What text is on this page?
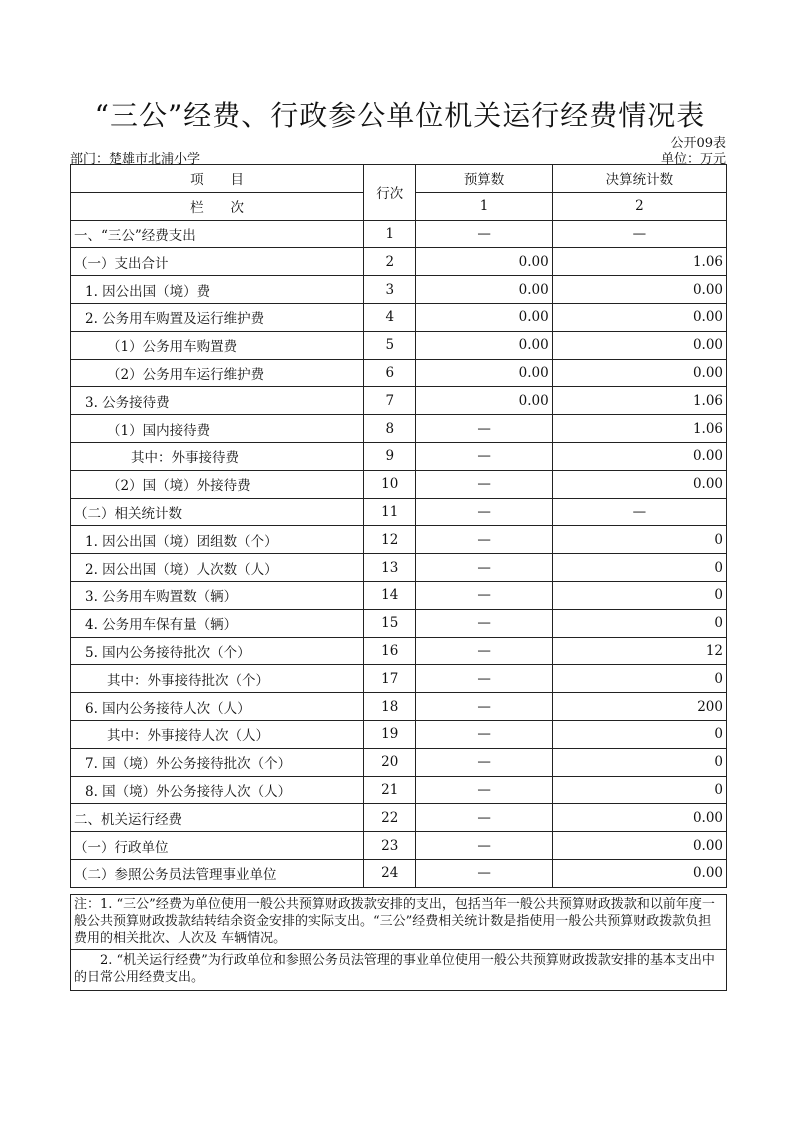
“三公”经费、行政参公单位机关运行经费情况表
公开09表
部门：楚雄市北浦小学	单位：万元
项　　目	行次	预算数	决算统计数
栏　　次		1	2
一、“三公”经费支出	1	—	—
（一）支出合计	2	0.00	1.06
1. 因公出国（境）费	3	0.00	0.00
2. 公务用车购置及运行维护费	4	0.00	0.00
（1）公务用车购置费	5	0.00	0.00
（2）公务用车运行维护费	6	0.00	0.00
3. 公务接待费	7	0.00	1.06
（1）国内接待费	8	—	1.06
其中：外事接待费	9	—	0.00
（2）国（境）外接待费	10	—	0.00
（二）相关统计数	11	—	—
1. 因公出国（境）团组数（个）	12	—	0
2. 因公出国（境）人次数（人）	13	—	0
3. 公务用车购置数（辆）	14	—	0
4. 公务用车保有量（辆）	15	—	0
5. 国内公务接待批次（个）	16	—	12
其中：外事接待批次（个）	17	—	0
6. 国内公务接待人次（人）	18	—	200
其中：外事接待人次（人）	19	—	0
7. 国（境）外公务接待批次（个）	20	—	0
8. 国（境）外公务接待人次（人）	21	—	0
二、机关运行经费	22	—	0.00
（一）行政单位	23	—	0.00
（二）参照公务员法管理事业单位	24	—	0.00

注：1. “三公”经费为单位使用一般公共预算财政拨款安排的支出，包括当年一般公共预算财政拨款和以前年度一般公共预算财政拨款结转结余资金安排的实际支出。“三公”经费相关统计数是指使用一般公共预算财政拨款负担费用的相关批次、人次及 车辆情况。

2. “机关运行经费”为行政单位和参照公务员法管理的事业单位使用一般公共预算财政拨款安排的基本支出中的日常公用经费支出。
